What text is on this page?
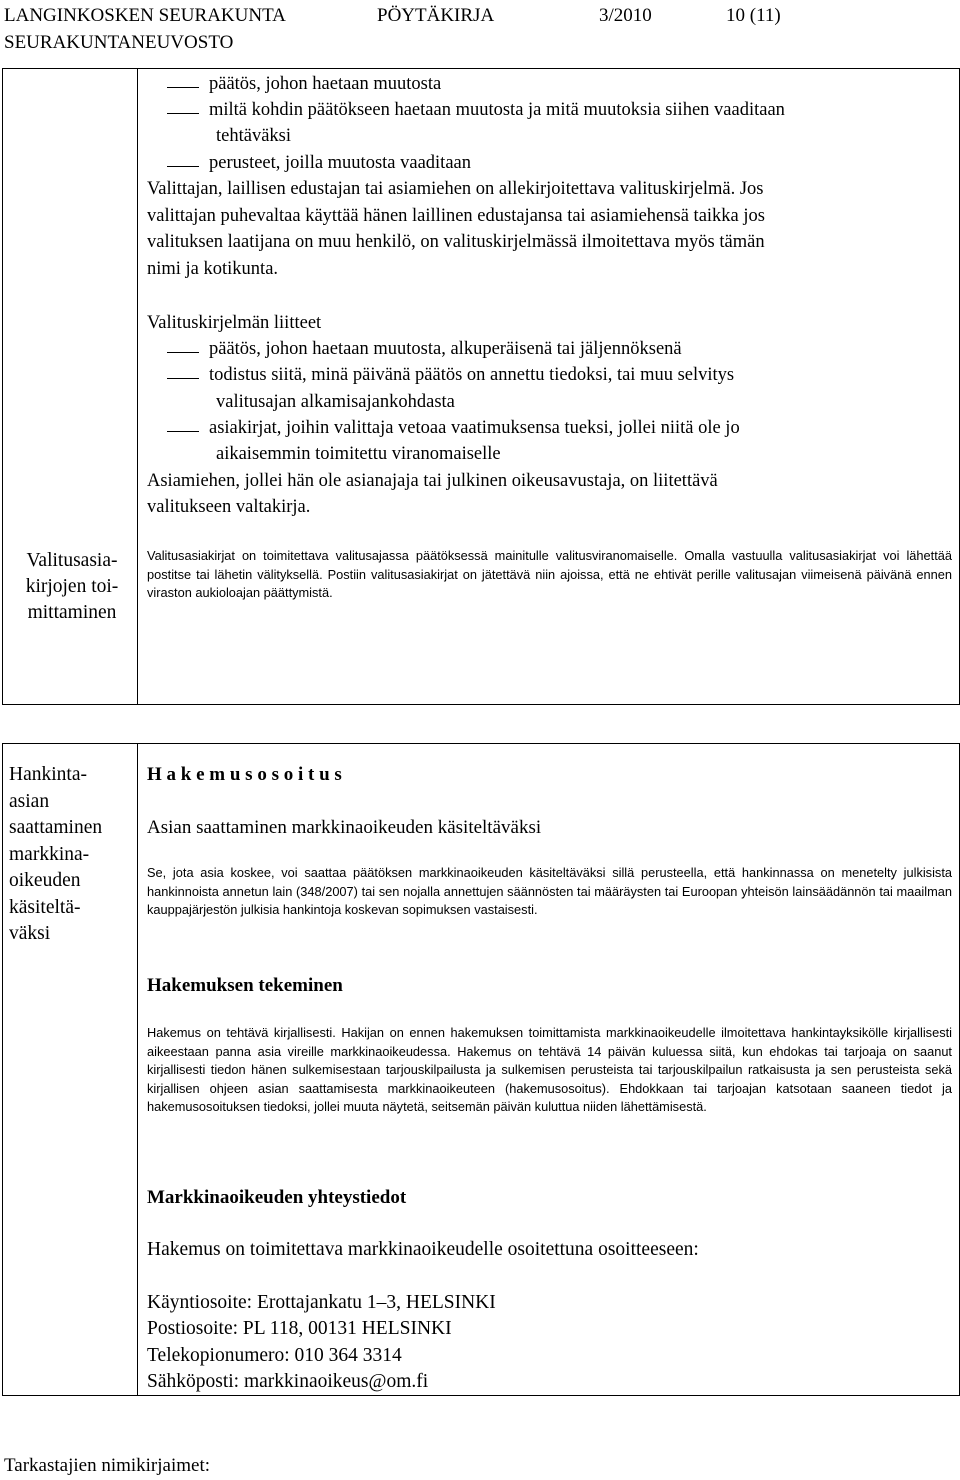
LANGINKOSKEN SEURAKUNTA	PÖYTÄKIRJA	3/2010	10 (11)
SEURAKUNTANEUVOSTO
päätös, johon haetaan muutosta
miltä kohdin päätökseen haetaan muutosta ja mitä muutoksia siihen vaaditaan
tehtäväksi
perusteet, joilla muutosta vaaditaan
Valittajan, laillisen edustajan tai asiamiehen on allekirjoitettava valituskirjelmä. Jos
valittajan puhevaltaa käyttää hänen laillinen edustajansa tai asiamiehensä taikka jos
valituksen laatijana on muu henkilö, on valituskirjelmässä ilmoitettava myös tämän
nimi ja kotikunta.
Valituskirjelmän liitteet
päätös, johon haetaan muutosta, alkuperäisenä tai jäljennöksenä
todistus siitä, minä päivänä päätös on annettu tiedoksi, tai muu selvitys
valitusajan alkamisajankohdasta
asiakirjat, joihin valittaja vetoaa vaatimuksensa tueksi, jollei niitä ole jo
aikaisemmin toimitettu viranomaiselle
Asiamiehen, jollei hän ole asianajaja tai julkinen oikeusavustaja, on liitettävä
valitukseen valtakirja.
Valitusasia-
kirjojen toi-
mittaminen

Valitusasiakirjat on toimitettava valitusajassa päätöksessä mainitulle valitusviranomaiselle. Omalla vastuulla valitusasiakirjat voi lähettää postitse tai lähetin välityksellä. Postiin valitusasiakirjat on jätettävä niin ajoissa, että ne ehtivät perille valitusajan viimeisenä päivänä ennen viraston aukioloajan päättymistä.

Hankinta-
asian
saattaminen
markkina-
oikeuden
käsiteltä-
väksi
H a k e m u s o s o i t u s
Asian saattaminen markkinaoikeuden käsiteltäväksi

Se, jota asia koskee, voi saattaa päätöksen markkinaoikeuden käsiteltäväksi sillä perusteella, että hankinnassa on menetelty julkisista hankinnoista annetun lain (348/2007) tai sen nojalla annettujen säännösten tai määräysten tai Euroopan yhteisön lainsäädännön tai maailman kauppajärjestön julkisia hankintoja koskevan sopimuksen vastaisesti.

Hakemuksen tekeminen

Hakemus on tehtävä kirjallisesti. Hakijan on ennen hakemuksen toimittamista markkinaoikeudelle ilmoitettava hankintayksikölle kirjallisesti aikeestaan panna asia vireille markkinaoikeudessa. Hakemus on tehtävä 14 päivän kuluessa siitä, kun ehdokas tai tarjoaja on saanut kirjallisesti tiedon hänen sulkemisestaan tarjouskilpailusta ja sulkemisen perusteista tai tarjouskilpailun ratkaisusta ja sen perusteista sekä kirjallisen ohjeen asian saattamisesta markkinaoikeuteen (hakemusosoitus). Ehdokkaan tai tarjoajan katsotaan saaneen tiedot ja hakemusosoituksen tiedoksi, jollei muuta näytetä, seitsemän päivän kuluttua niiden lähettämisestä.

Markkinaoikeuden yhteystiedot
Hakemus on toimitettava markkinaoikeudelle osoitettuna osoitteeseen:
Käyntiosoite: Erottajankatu 1–3, HELSINKI
Postiosoite: PL 118, 00131 HELSINKI
Telekopionumero: 010 364 3314
Sähköposti: markkinaoikeus@om.fi
Tarkastajien nimikirjaimet:
